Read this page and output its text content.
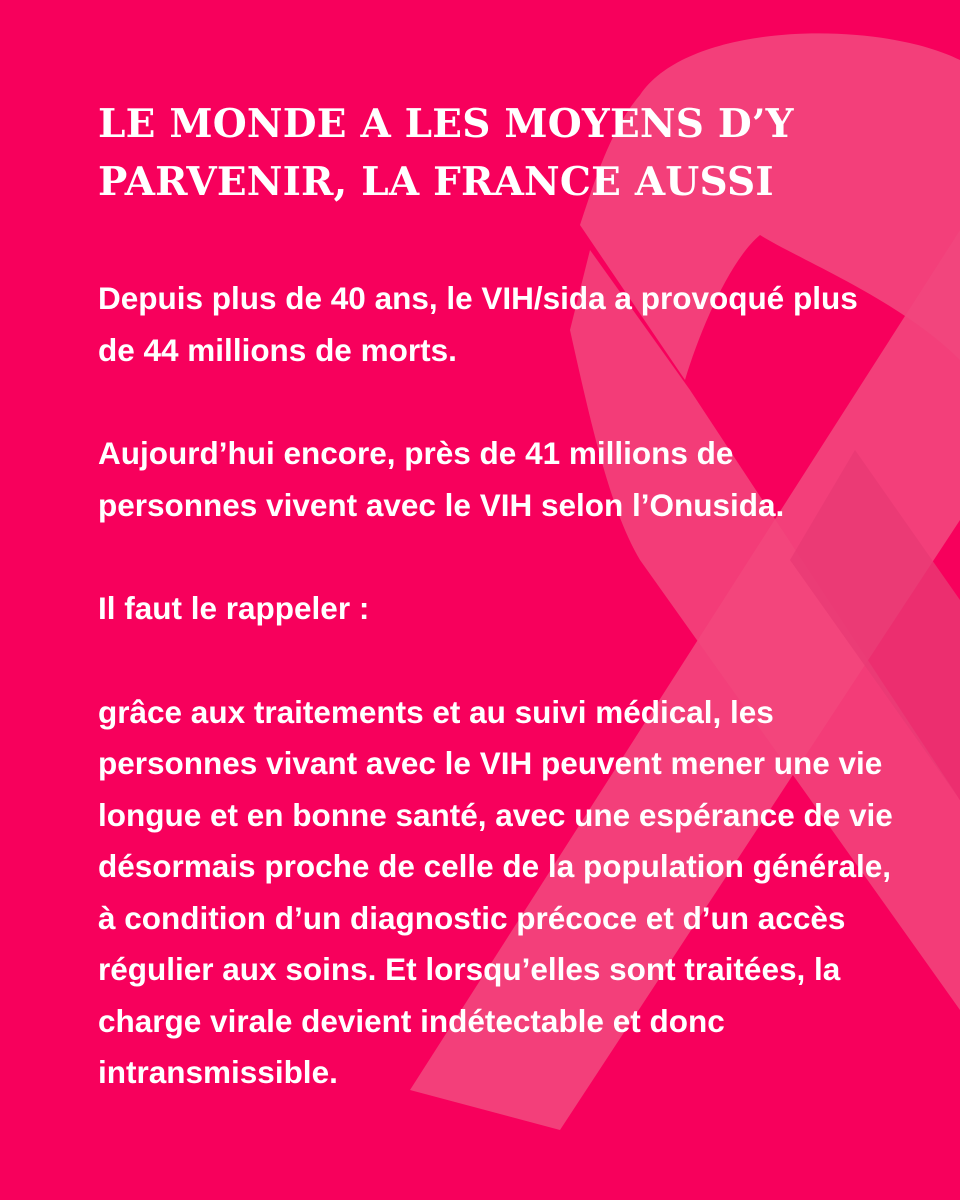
LE MONDE A LES MOYENS D’Y PARVENIR, LA FRANCE AUSSI

Depuis plus de 40 ans, le VIH/sida a provoqué plus de 44 millions de morts.

Aujourd’hui encore, près de 41 millions de personnes vivent avec le VIH selon l’Onusida.

Il faut le rappeler :

grâce aux traitements et au suivi médical, les personnes vivant avec le VIH peuvent mener une vie longue et en bonne santé, avec une espérance de vie désormais proche de celle de la population générale, à condition d’un diagnostic précoce et d’un accès régulier aux soins. Et lorsqu’elles sont traitées, la charge virale devient indétectable et donc intransmissible.
